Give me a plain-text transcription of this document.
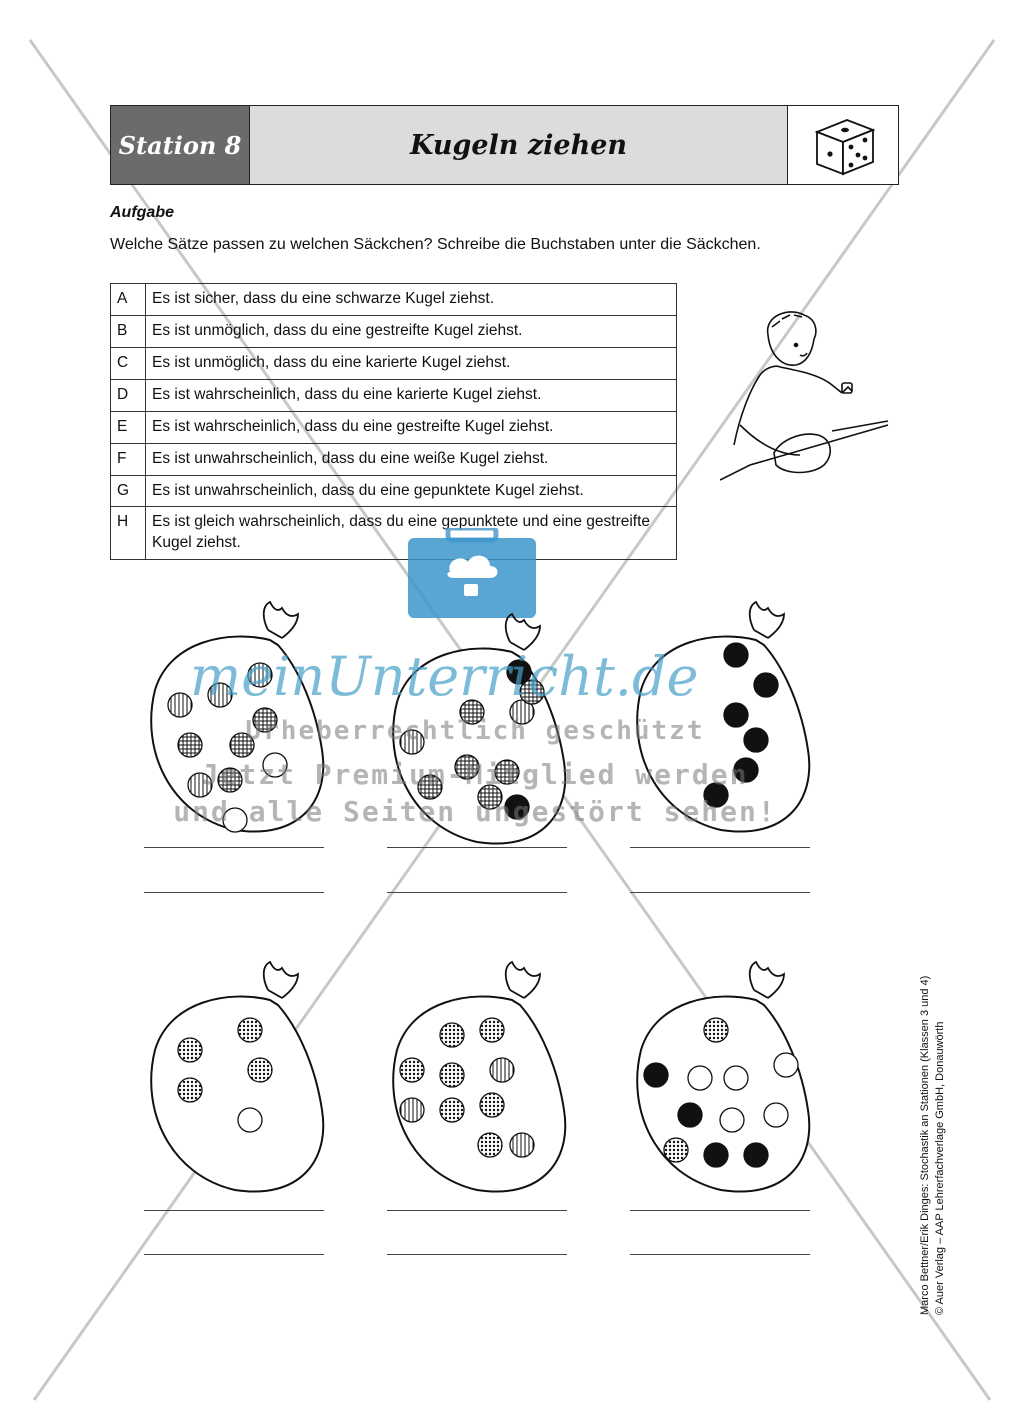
Station 8	Kugeln ziehen
Aufgabe
Welche Sätze passen zu welchen Säckchen? Schreibe die Buchstaben unter die Säckchen.
A	Es ist sicher, dass du eine schwarze Kugel ziehst.
B	Es ist unmöglich, dass du eine gestreifte Kugel ziehst.
C	Es ist unmöglich, dass du eine karierte Kugel ziehst.
D	Es ist wahrscheinlich, dass du eine karierte Kugel ziehst.
E	Es ist wahrscheinlich, dass du eine gestreifte Kugel ziehst.
F	Es ist unwahrscheinlich, dass du eine weiße Kugel ziehst.
G	Es ist unwahrscheinlich, dass du eine gepunktete Kugel ziehst.
H	Es ist gleich wahrscheinlich, dass du eine gepunktete und eine gestreifte Kugel ziehst.
meinUnterricht.de
Urheberrechtlich geschützt
Jetzt Premium-Mitglied werden
und alle Seiten ungestört sehen!
Marco Bettner/Erik Dinges: Stochastik an Stationen (Klassen 3 und 4) © Auer Verlag – AAP Lehrerfachverlage GmbH, Donauwörth
